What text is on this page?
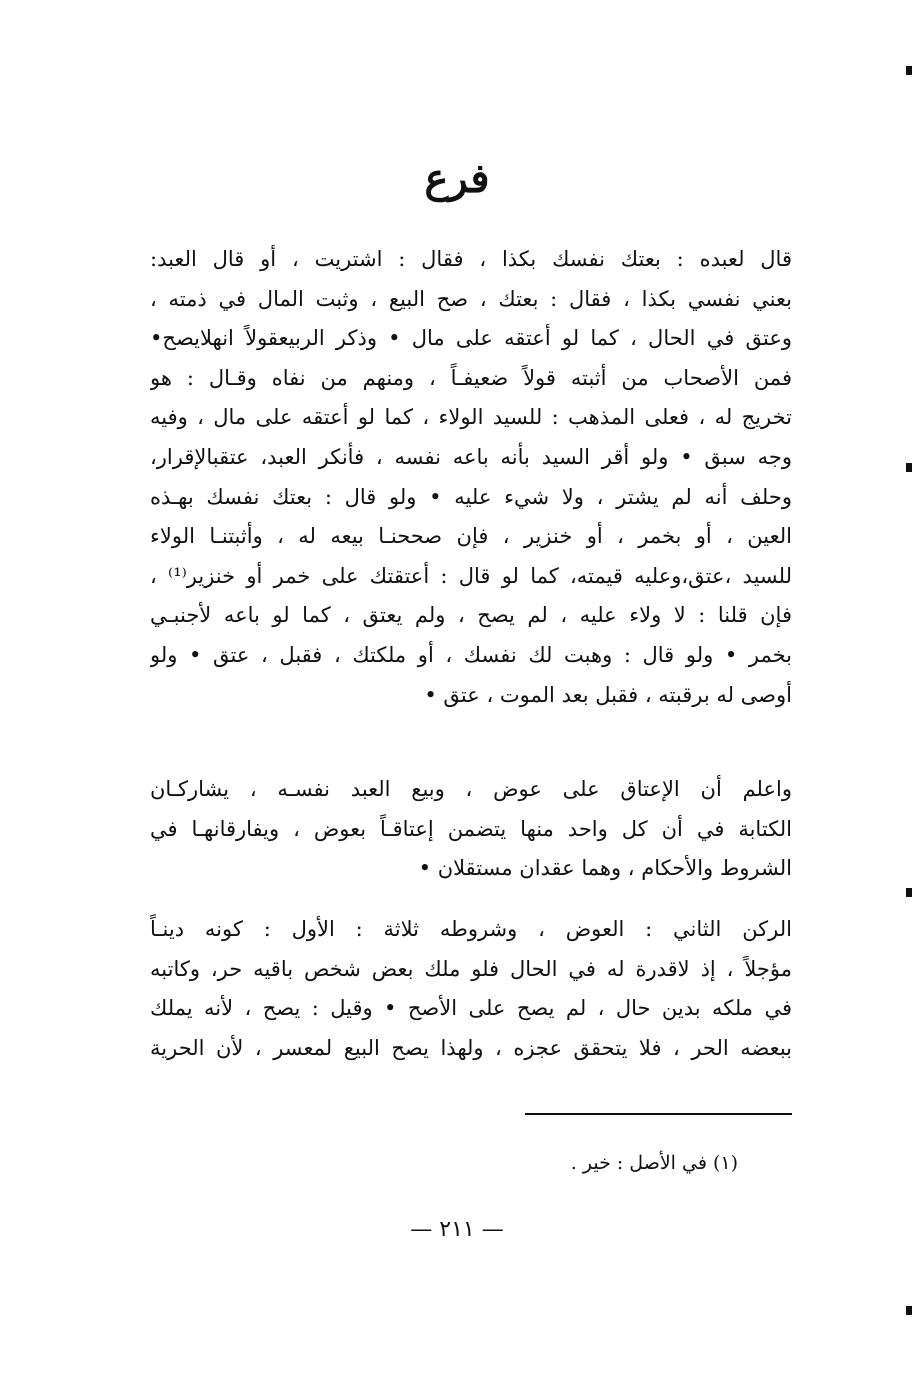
فرع
قال لعبده : بعتك نفسك بكذا ، فقال : اشتريت ، أو قال العبد:
بعني نفسي بكذا ، فقال : بعتك ، صح البيع ، وثبت المال في ذمته ،
وعتق في الحال ، كما لو أعتقه على مال • وذكر الربيعقولاً انهلايصح•
فمن الأصحاب من أثبته قولاً ضعيفـاً ، ومنهم من نفاه وقـال : هو
تخريج له ، فعلى المذهب : للسيد الولاء ، كما لو أعتقه على مال ، وفيه
وجه سبق • ولو أقر السيد بأنه باعه نفسه ، فأنكر العبد، عتقبالإقرار،
وحلف أنه لم يشتر ، ولا شيء عليه • ولو قال : بعتك نفسك بهـذه
العين ، أو بخمر ، أو خنزير ، فإن صححنـا بيعه له ، وأثبتنـا الولاء
للسيد ،عتق،وعليه قيمته، كما لو قال : أعتقتك على خمر أو خنزير⁽¹⁾ ،
فإن قلنا : لا ولاء عليه ، لم يصح ، ولم يعتق ، كما لو باعه لأجنبـي
بخمر • ولو قال : وهبت لك نفسك ، أو ملكتك ، فقبل ، عتق • ولو
أوصى له برقبته ، فقبل بعد الموت ، عتق •
واعلم أن الإعتاق على عوض ، وبيع العبد نفسـه ، يشاركـان
الكتابة في أن كل واحد منها يتضمن إعتاقـاً بعوض ، ويفارقانهـا في
الشروط والأحكام ، وهما عقدان مستقلان •
الركن الثاني : العوض ، وشروطه ثلاثة : الأول : كونه دينـاً
مؤجلاً ، إذ لاقدرة له في الحال فلو ملك بعض شخص باقيه حر، وكاتبه
في ملكه بدين حال ، لم يصح على الأصح • وقيل : يصح ، لأنه يملك
ببعضه الحر ، فلا يتحقق عجزه ، ولهذا يصح البيع لمعسر ، لأن الحرية
(١) في الأصل : خير .
— ٢١١ —
